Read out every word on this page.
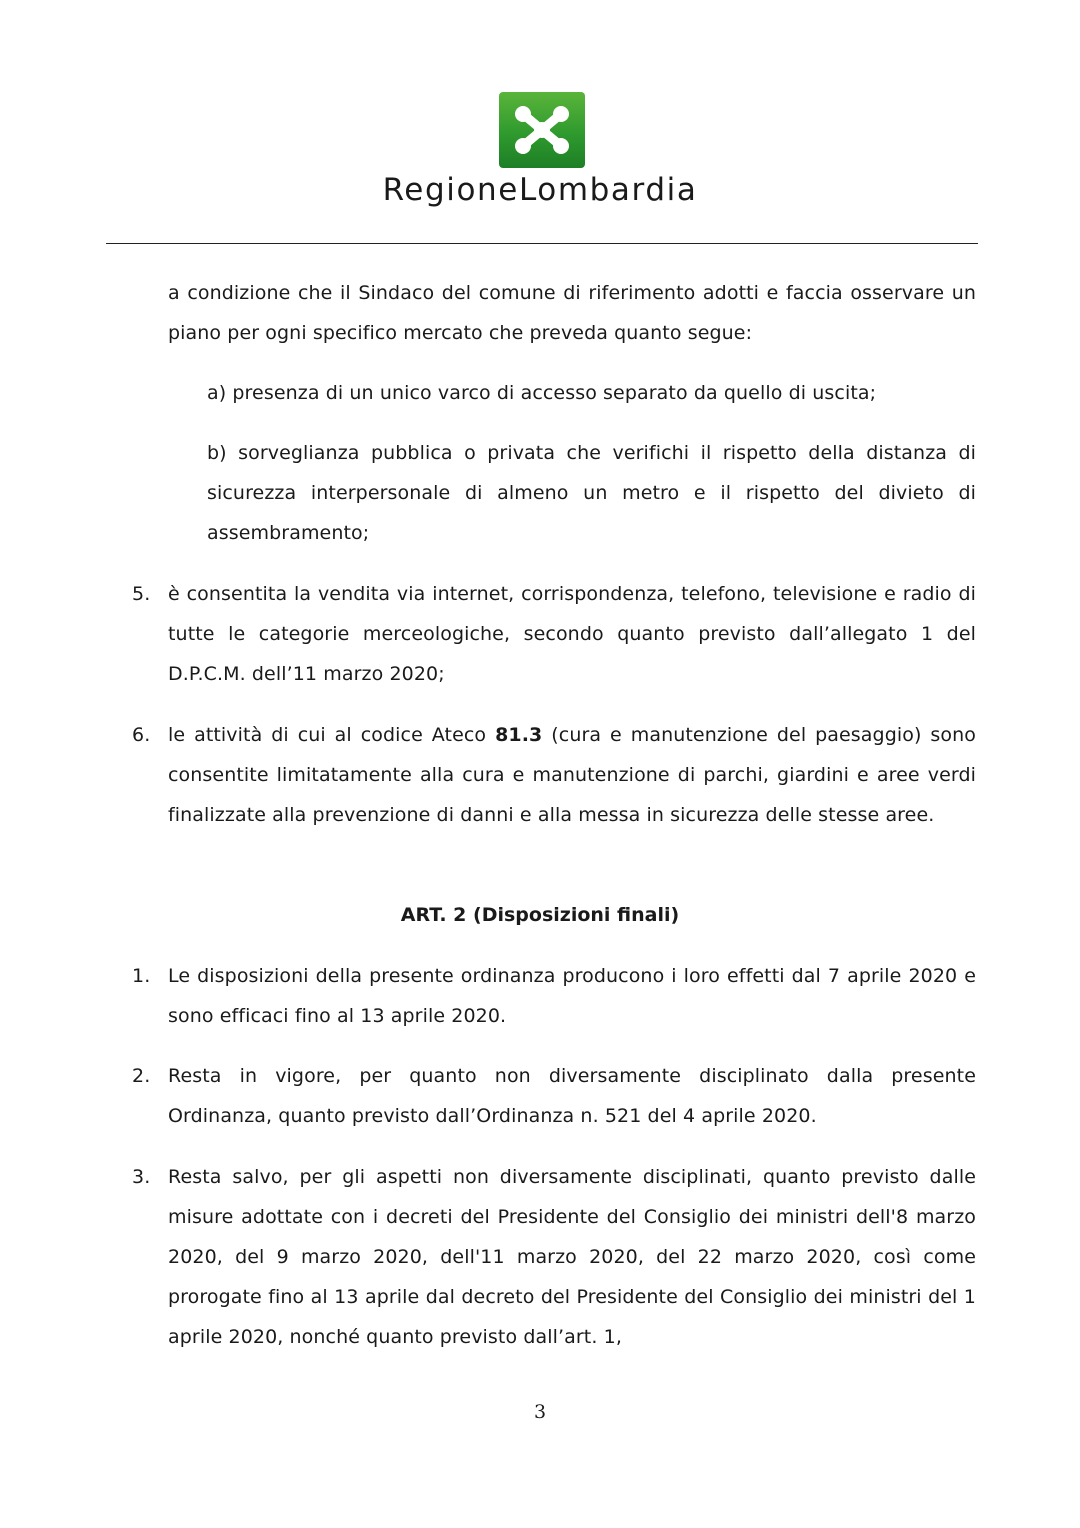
RegioneLombardia

a condizione che il Sindaco del comune di riferimento adotti e faccia osservare un piano per ogni specifico mercato che preveda quanto segue:

a) presenza di un unico varco di accesso separato da quello di uscita;

b) sorveglianza pubblica o privata che verifichi il rispetto della distanza di sicurezza interpersonale di almeno un metro e il rispetto del divieto di assembramento;

5. è consentita la vendita via internet, corrispondenza, telefono, televisione e radio di tutte le categorie merceologiche, secondo quanto previsto dall’allegato 1 del D.P.C.M. dell’11 marzo 2020;
6. le attività di cui al codice Ateco 81.3 (cura e manutenzione del paesaggio) sono consentite limitatamente alla cura e manutenzione di parchi, giardini e aree verdi finalizzate alla prevenzione di danni e alla messa in sicurezza delle stesse aree.
ART. 2 (Disposizioni finali)
1. Le disposizioni della presente ordinanza producono i loro effetti dal 7 aprile 2020 e sono efficaci fino al 13 aprile 2020.
2. Resta in vigore, per quanto non diversamente disciplinato dalla presente Ordinanza, quanto previsto dall’Ordinanza n. 521 del 4 aprile 2020.
3. Resta salvo, per gli aspetti non diversamente disciplinati, quanto previsto dalle misure adottate con i decreti del Presidente del Consiglio dei ministri dell'8 marzo 2020, del 9 marzo 2020, dell'11 marzo 2020, del 22 marzo 2020, così come prorogate fino al 13 aprile dal decreto del Presidente del Consiglio dei ministri del 1 aprile 2020, nonché quanto previsto dall’art. 1,
3
